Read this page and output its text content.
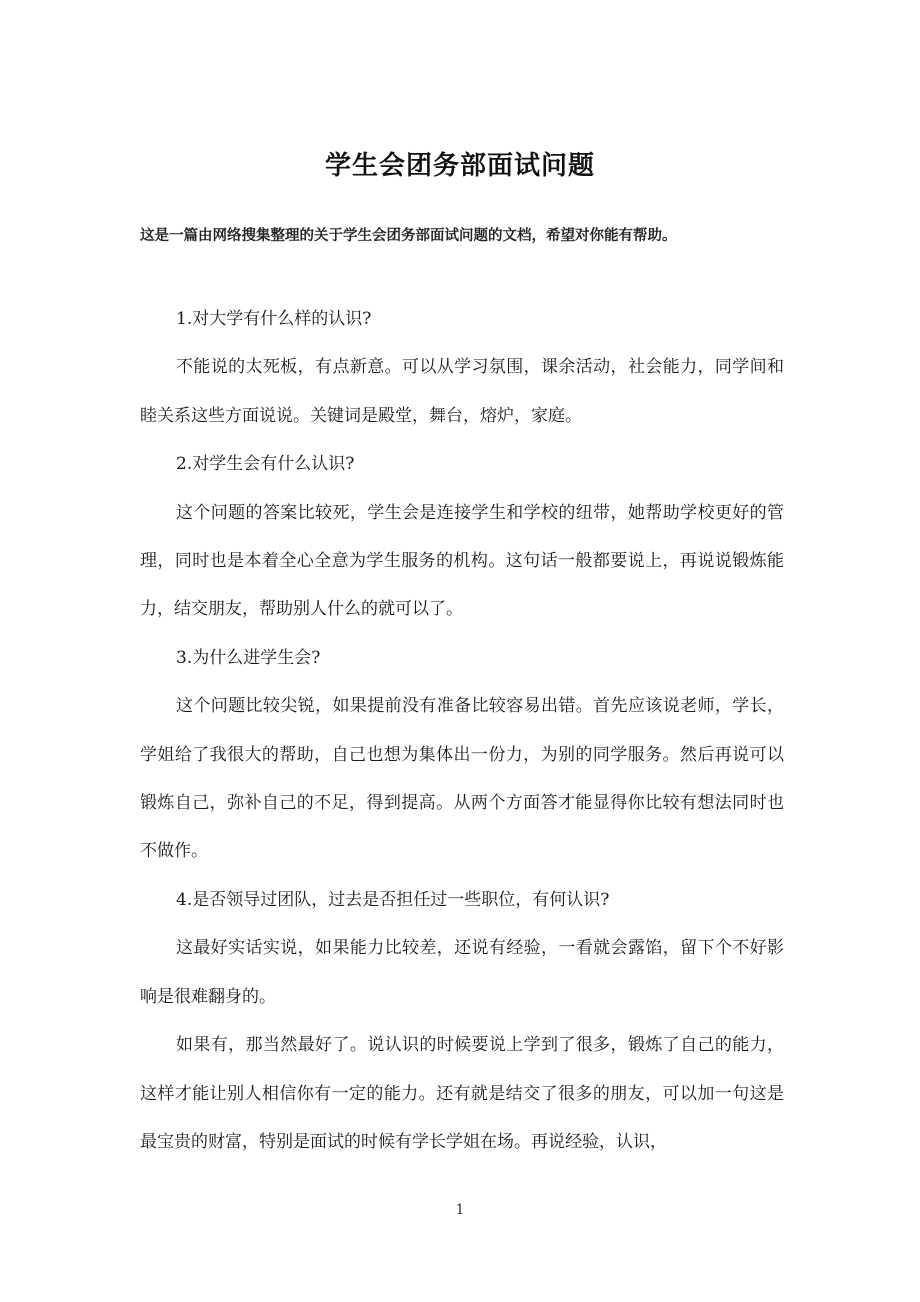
学生会团务部面试问题
这是一篇由网络搜集整理的关于学生会团务部面试问题的文档，希望对你能有帮助。

1.对大学有什么样的认识?

不能说的太死板，有点新意。可以从学习氛围，课余活动，社会能力，同学间和睦关系这些方面说说。关键词是殿堂，舞台，熔炉，家庭。

2.对学生会有什么认识?

这个问题的答案比较死，学生会是连接学生和学校的纽带，她帮助学校更好的管理，同时也是本着全心全意为学生服务的机构。这句话一般都要说上，再说说锻炼能力，结交朋友，帮助别人什么的就可以了。

3.为什么进学生会?

这个问题比较尖锐，如果提前没有准备比较容易出错。首先应该说老师，学长，学姐给了我很大的帮助，自己也想为集体出一份力，为别的同学服务。然后再说可以锻炼自己，弥补自己的不足，得到提高。从两个方面答才能显得你比较有想法同时也不做作。

4.是否领导过团队，过去是否担任过一些职位，有何认识?

这最好实话实说，如果能力比较差，还说有经验，一看就会露馅，留下个不好影响是很难翻身的。

如果有，那当然最好了。说认识的时候要说上学到了很多，锻炼了自己的能力，这样才能让别人相信你有一定的能力。还有就是结交了很多的朋友，可以加一句这是最宝贵的财富，特别是面试的时候有学长学姐在场。再说经验，认识，

1
